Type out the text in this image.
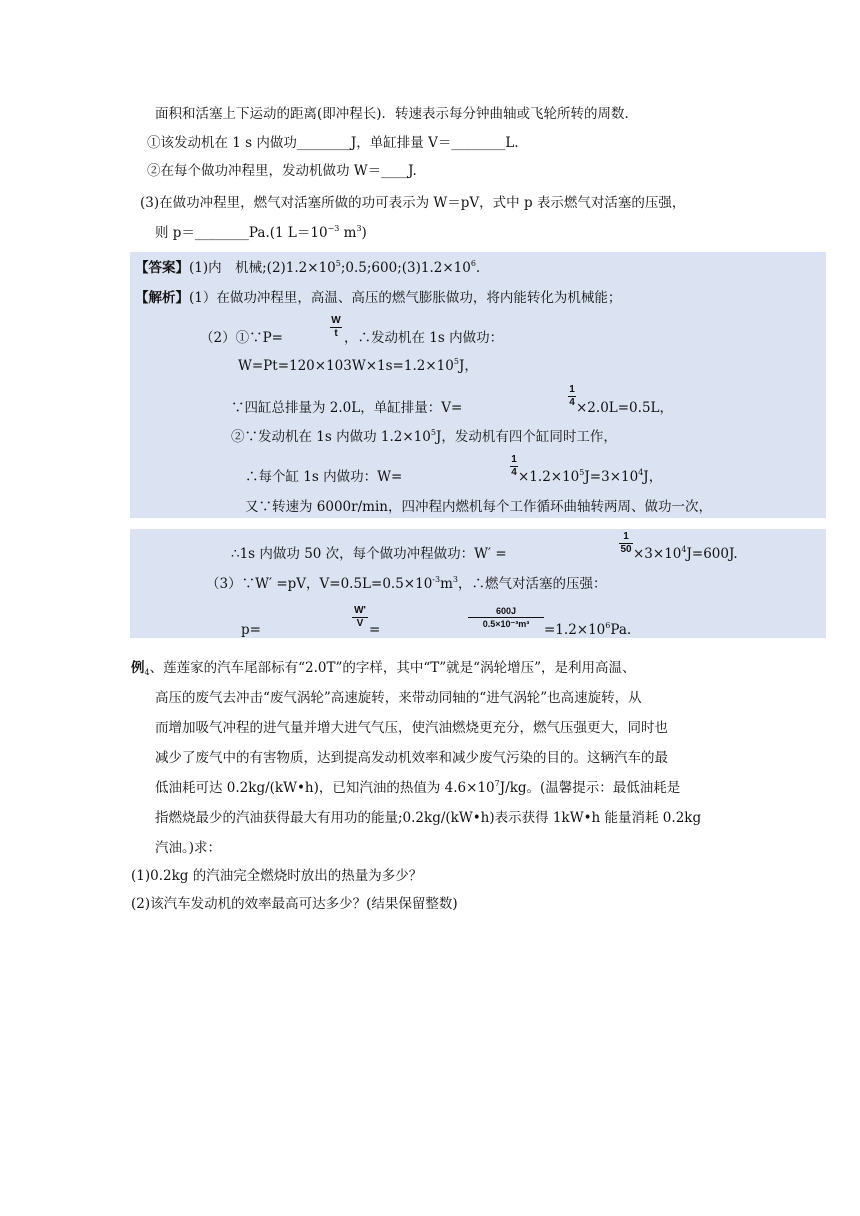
面积和活塞上下运动的距离(即冲程长)．转速表示每分钟曲轴或飞轮所转的周数．
①该发动机在 1 s 内做功________J，单缸排量 V＝________L.
②在每个做功冲程里，发动机做功 W＝____J.
(3)在做功冲程里，燃气对活塞所做的功可表示为 W＝pV，式中 p 表示燃气对活塞的压强，
则 p＝________Pa.(1 $L=10^{-3}$ $m^3$)
【答案】(1)内　机械$;(2)1.2\times 10^5;0.5;600;(3)1.2\times 10^6$.
【解析】(1）在做功冲程里，高温、高压的燃气膨胀做功，将内能转化为机械能；
（2）①∵P=
W
t ，∴发动机在 1s 内做功：
$W=Pt=120\times 103W\times 1s=1.2\times 10^5J$，
∵四缸总排量为 2.0L，单缸排量：V=
1
4 ×2.0L=0.5L，
②∵发动机在 1s 内做功 $1.2\times 10^5J$，发动机有四个缸同时工作，
∴每个缸 1s 内做功：W=
1
$4 \times 1.2\times 10^5J=3\times 10^4J$，
又∵转速为 6000r/min，四冲程内燃机每个工作循环曲轴转两周、做功一次，
∴1s 内做功 50 次，每个做功冲程做功：W′ =
1
$50 \times 3\times 10^4J=600J$.
（3）∵W′ =pV，$V=0.5L=0.5\times 10^{-3}m^3$，∴燃气对活塞的压强：
p=
W'
V =
600J
0.5×10⁻³m³	$=1.2\times 10^6Pa$.
例$_4$、莲莲家的汽车尾部标有“2.0T”的字样，其中“T”就是“涡轮增压”，是利用高温、
高压的废气去冲击“废气涡轮”高速旋转，来带动同轴的“进气涡轮”也高速旋转，从
而增加吸气冲程的进气量并增大进气气压，使汽油燃烧更充分，燃气压强更大，同时也
减少了废气中的有害物质，达到提高发动机效率和减少废气污染的目的。这辆汽车的最
低油耗可达 0.2kg/(kW•h)，已知汽油的热值为 $4.6\times 10^7J/kg$。(温馨提示：最低油耗是
指燃烧最少的汽油获得最大有用功的能量;0.2kg/(kW•h)表示获得 1kW•h 能量消耗 0.2kg
汽油。)求：
(1)0.2kg 的汽油完全燃烧时放出的热量为多少？
(2)该汽车发动机的效率最高可达多少？(结果保留整数)
